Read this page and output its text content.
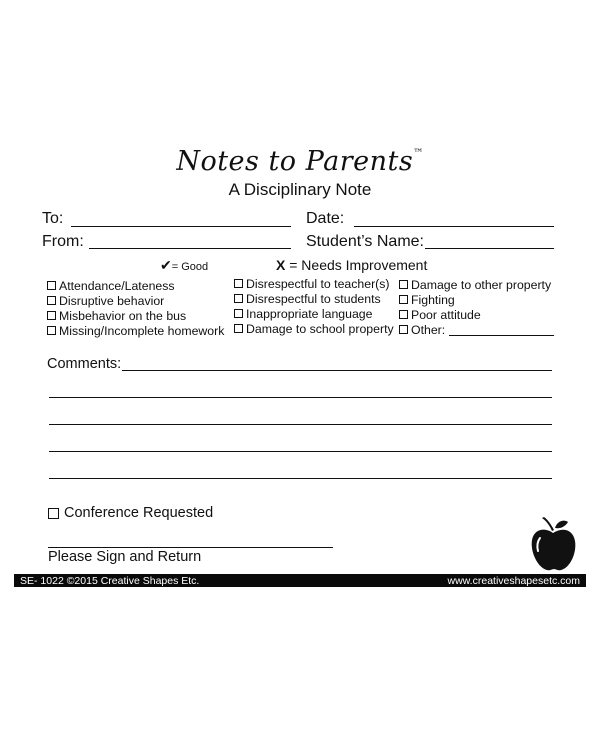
Notes to Parents™
A Disciplinary Note
To:	Date:
From:	Student’s Name:
✔= Good	X = Needs Improvement
Attendance/Lateness
Disruptive behavior
Misbehavior on the bus
Missing/Incomplete homework
Disrespectful to teacher(s)
Disrespectful to students
Inappropriate language
Damage to school property
Damage to other property
Fighting
Poor attitude
Other:
Comments:
Conference Requested
Please Sign and Return
SE- 1022 ©2015 Creative Shapes Etc.	www.creativeshapesetc.com
